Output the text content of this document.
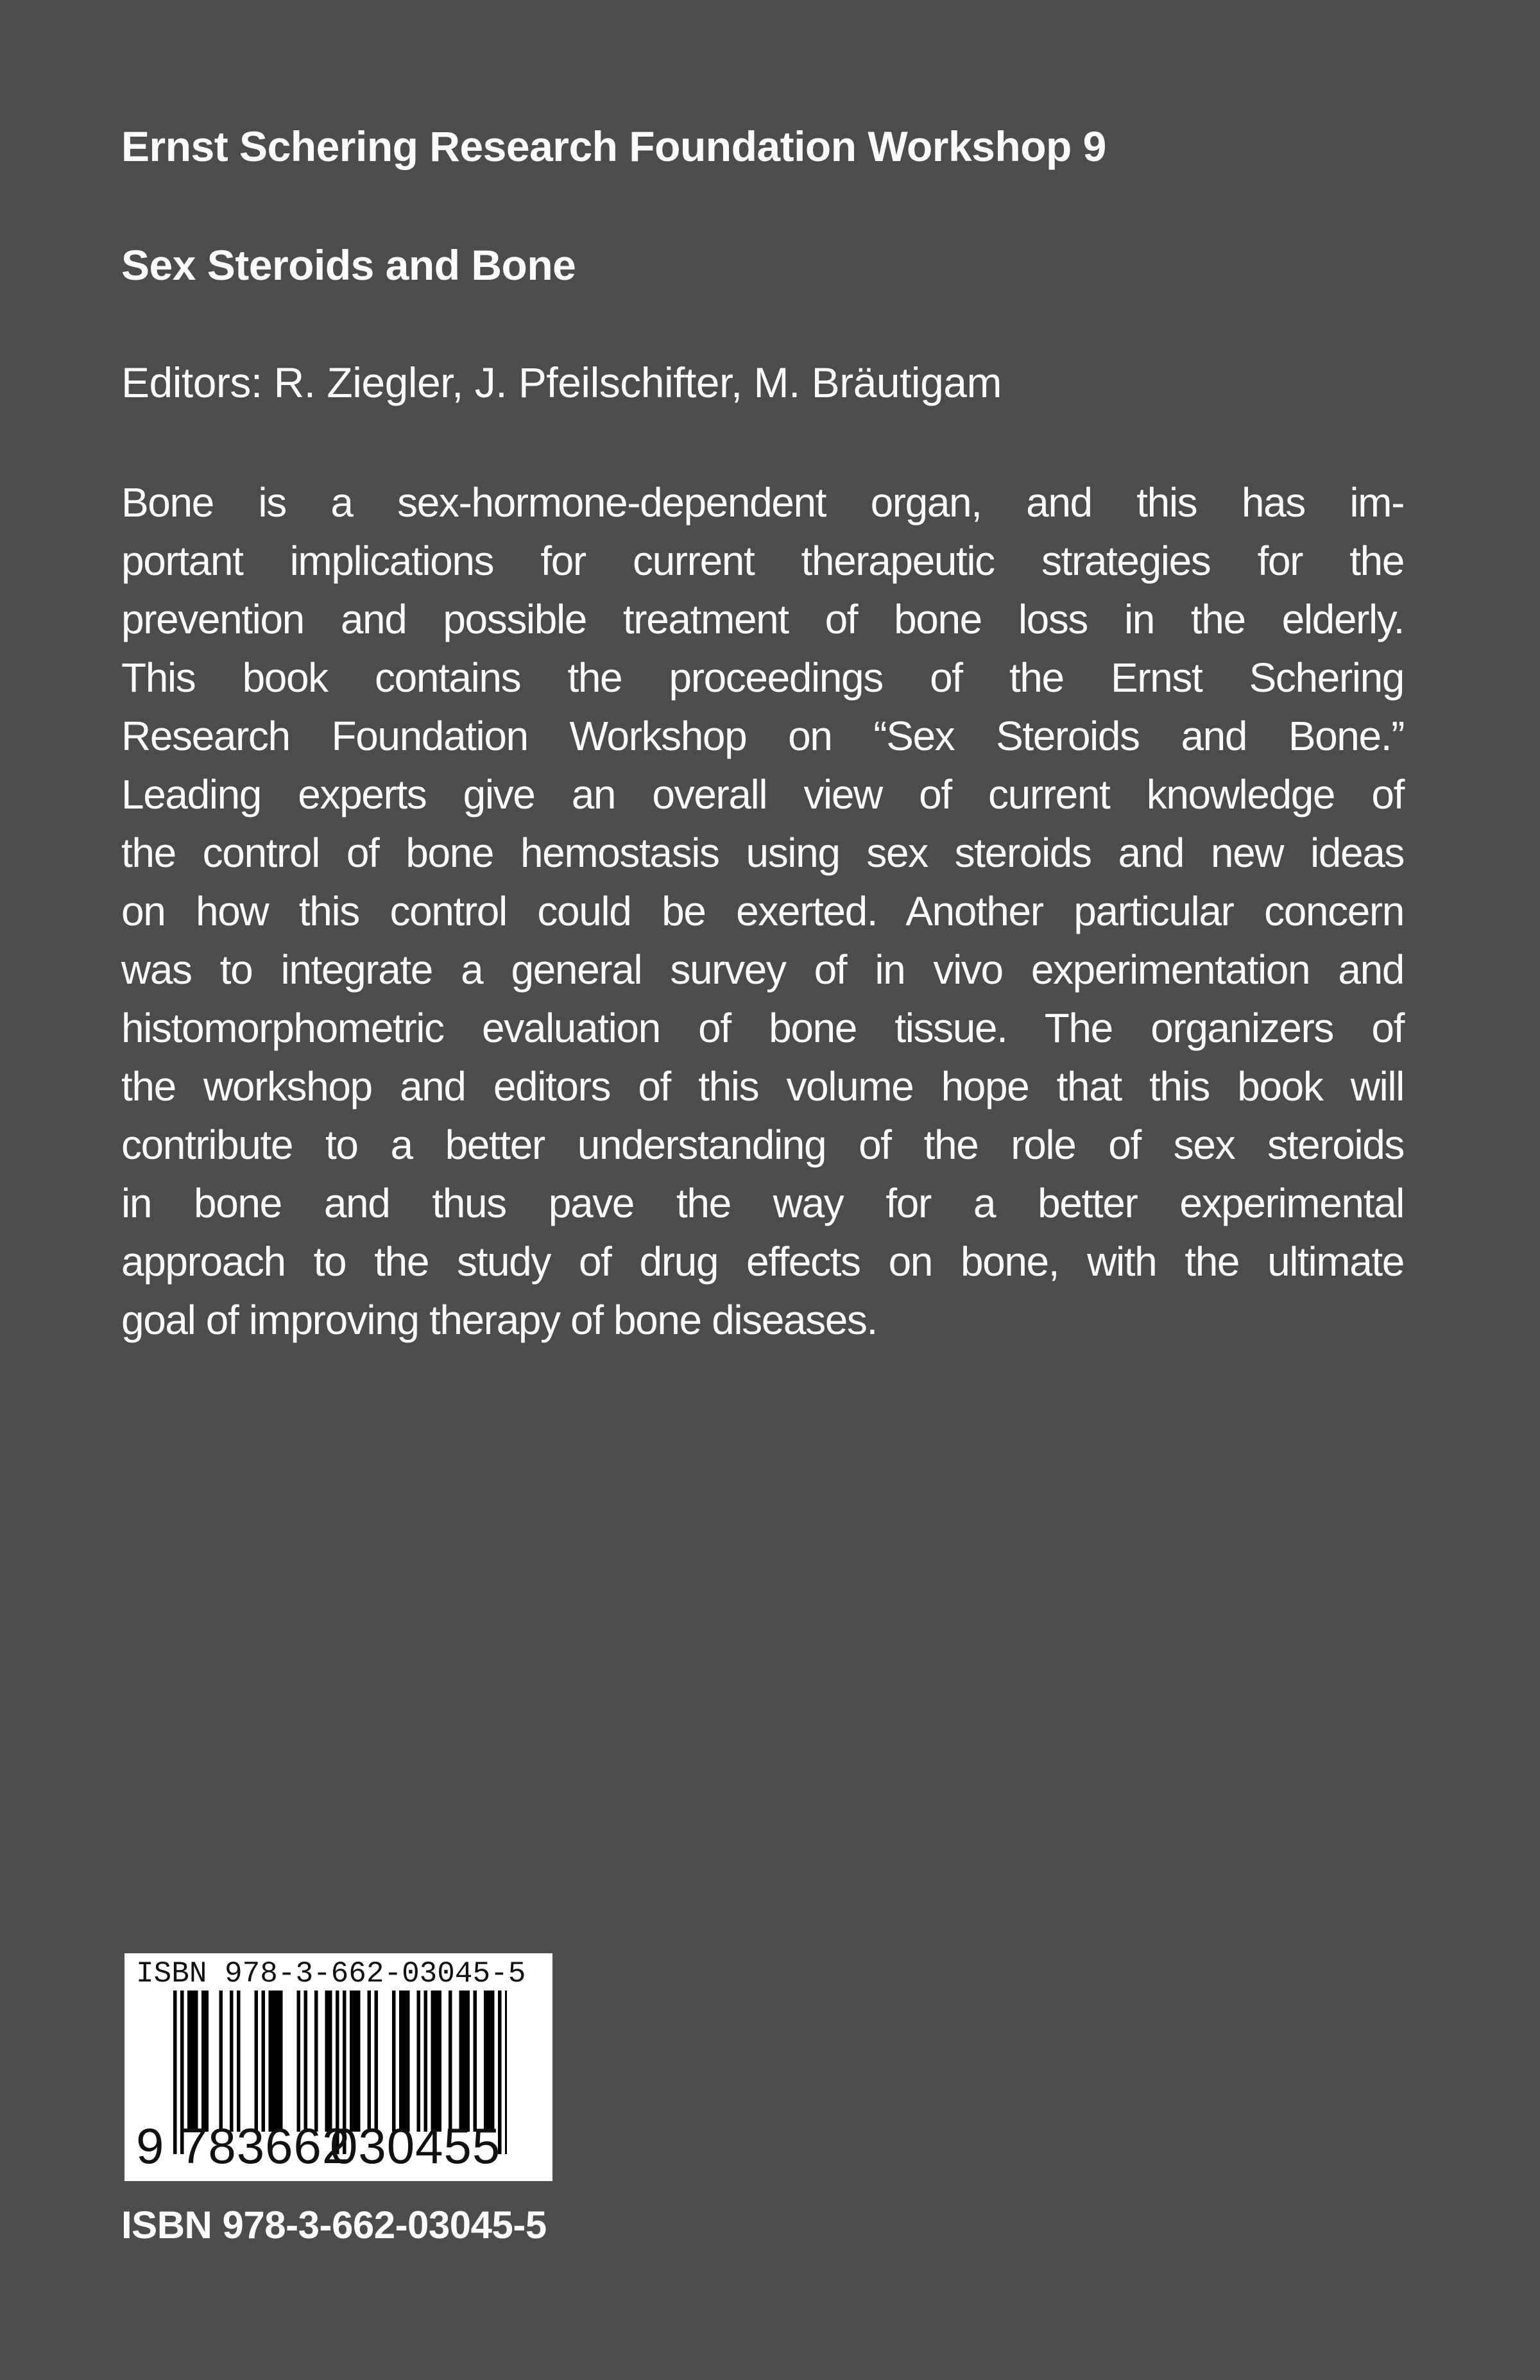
Ernst Schering Research Foundation Workshop 9
Sex Steroids and Bone
Editors: R. Ziegler, J. Pfeilschifter, M. Bräutigam
Bone is a sex-hormone-dependent organ, and this has im-
portant implications for current therapeutic strategies for the
prevention and possible treatment of bone loss in the elderly.
This book contains the proceedings of the Ernst Schering
Research Foundation Workshop on “Sex Steroids and Bone.”
Leading experts give an overall view of current knowledge of
the control of bone hemostasis using sex steroids and new ideas
on how this control could be exerted. Another particular concern
was to integrate a general survey of in vivo experimentation and
histomorphometric evaluation of bone tissue. The organizers of
the workshop and editors of this volume hope that this book will
contribute to a better understanding of the role of sex steroids
in bone and thus pave the way for a better experimental
approach to the study of drug effects on bone, with the ultimate
goal of improving therapy of bone diseases.
ISBN 978-3-662-03045-5
9 783662
030455
ISBN 978-3-662-03045-5
